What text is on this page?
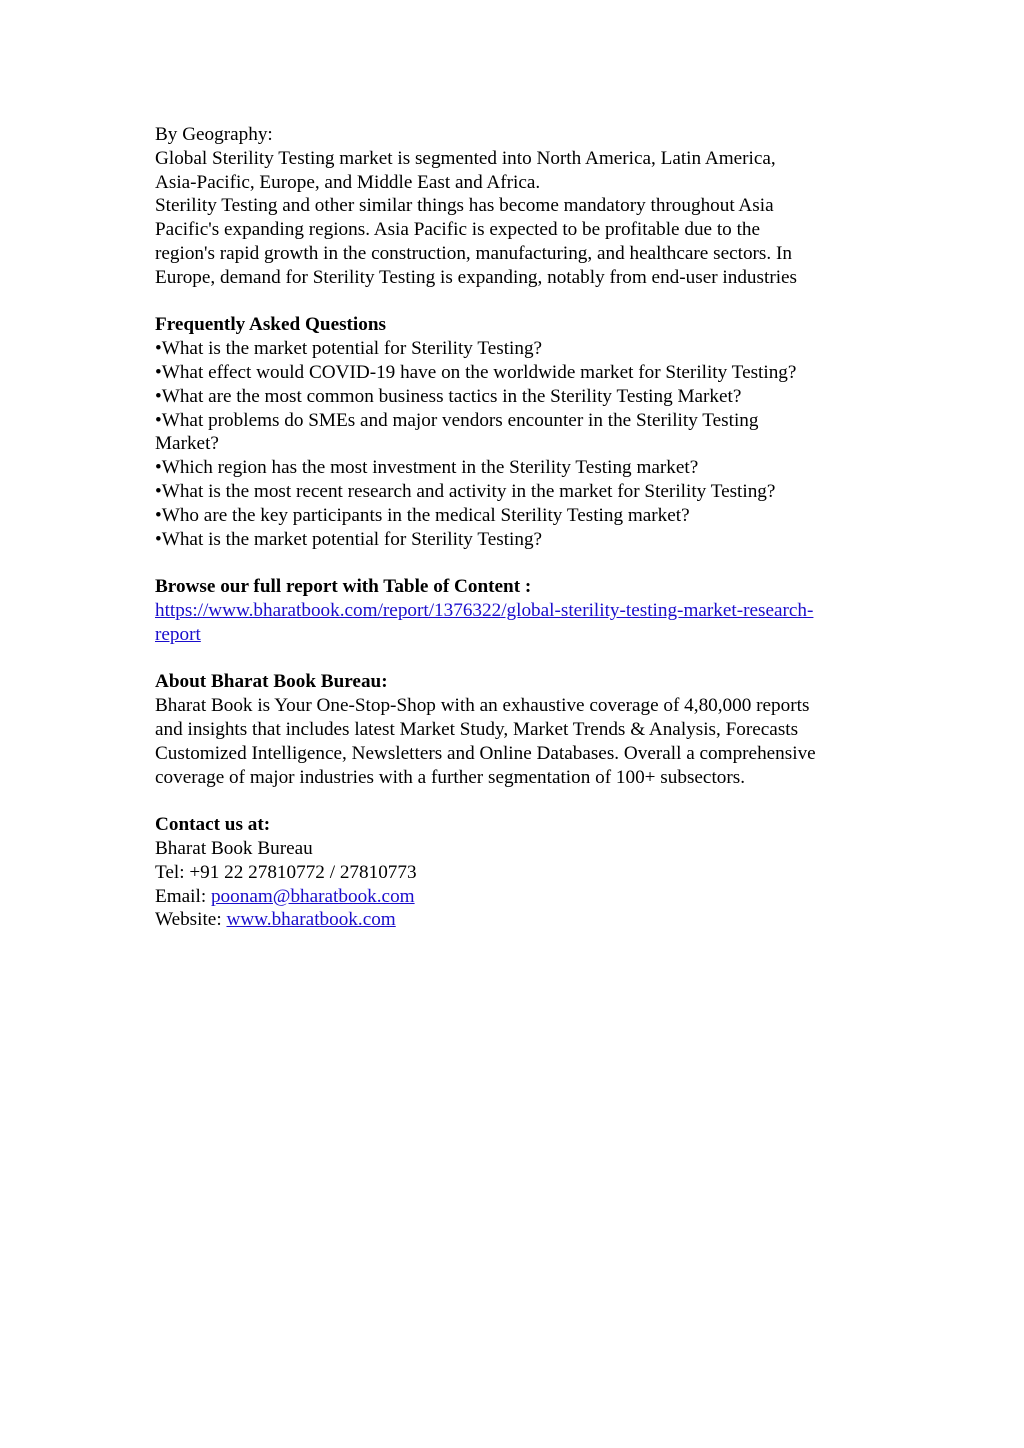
By Geography:
Global Sterility Testing market is segmented into North America, Latin America,
Asia-Pacific, Europe, and Middle East and Africa.
Sterility Testing and other similar things has become mandatory throughout Asia
Pacific's expanding regions. Asia Pacific is expected to be profitable due to the
region's rapid growth in the construction, manufacturing, and healthcare sectors. In
Europe, demand for Sterility Testing is expanding, notably from end-user industries
Frequently Asked Questions
•What is the market potential for Sterility Testing?
•What effect would COVID-19 have on the worldwide market for Sterility Testing?
•What are the most common business tactics in the Sterility Testing Market?
•What problems do SMEs and major vendors encounter in the Sterility Testing
Market?
•Which region has the most investment in the Sterility Testing market?
•What is the most recent research and activity in the market for Sterility Testing?
•Who are the key participants in the medical Sterility Testing market?
•What is the market potential for Sterility Testing?
Browse our full report with Table of Content :
https://www.bharatbook.com/report/1376322/global-sterility-testing-market-research-
report
About Bharat Book Bureau:
Bharat Book is Your One-Stop-Shop with an exhaustive coverage of 4,80,000 reports
and insights that includes latest Market Study, Market Trends & Analysis, Forecasts
Customized Intelligence, Newsletters and Online Databases. Overall a comprehensive
coverage of major industries with a further segmentation of 100+ subsectors.
Contact us at:
Bharat Book Bureau
Tel: +91 22 27810772 / 27810773
Email: poonam@bharatbook.com
Website: www.bharatbook.com
